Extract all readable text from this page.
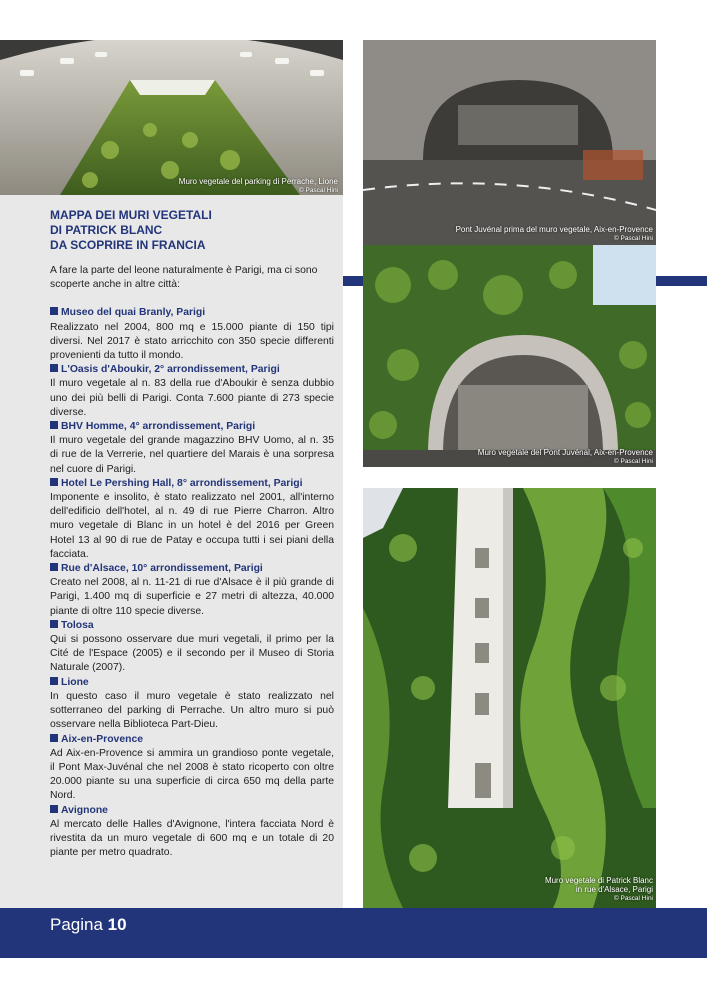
Muro vegetale del parking di Perrache, Lione
© Pascal Hini
Pont Juvénal prima del muro vegetale, Aix-en-Provence
© Pascal Hini
Muro vegetale del Pont Juvénal, Aix-en-Provence
© Pascal Hini
Muro vegetale di Patrick Blanc
in rue d'Alsace, Parigi
© Pascal Hini
MAPPA DEI MURI VEGETALI
DI PATRICK BLANC
DA SCOPRIRE IN FRANCIA

A fare la parte del leone naturalmente è Parigi, ma ci sono scoperte anche in altre città:

Museo del quai Branly, Parigi
Realizzato nel 2004, 800 mq e 15.000 piante di 150 tipi diversi. Nel 2017 è stato arricchito con 350 specie differenti provenienti da tutto il mondo.
L'Oasis d'Aboukir, 2° arrondissement, Parigi
Il muro vegetale al n. 83 della rue d'Aboukir è senza dubbio uno dei più belli di Parigi. Conta 7.600 piante di 273 specie diverse.
BHV Homme, 4° arrondissement, Parigi
Il muro vegetale del grande magazzino BHV Uomo, al n. 35 di rue de la Verrerie, nel quartiere del Marais è una sorpresa nel cuore di Parigi.
Hotel Le Pershing Hall, 8° arrondissement, Parigi
Imponente e insolito, è stato realizzato nel 2001, all'interno dell'edificio dell'hotel, al n. 49 di rue Pierre Charron. Altro muro vegetale di Blanc in un hotel è del 2016 per Green Hotel 13 al 90 di rue de Patay e occupa tutti i sei piani della facciata.
Rue d'Alsace, 10° arrondissement, Parigi
Creato nel 2008, al n. 11-21 di rue d'Alsace è il più grande di Parigi, 1.400 mq di superficie e 27 metri di altezza, 40.000 piante di oltre 110 specie diverse.
Tolosa
Qui si possono osservare due muri vegetali, il primo per la Cité de l'Espace (2005) e il secondo per il Museo di Storia Naturale (2007).
Lione
In questo caso il muro vegetale è stato realizzato nel sotterraneo del parking di Perrache. Un altro muro si può osservare nella Biblioteca Part-Dieu.
Aix-en-Provence
Ad Aix-en-Provence si ammira un grandioso ponte vegetale, il Pont Max-Juvénal che nel 2008 è stato ricoperto con oltre 20.000 piante su una superficie di circa 650 mq della parte Nord.
Avignone
Al mercato delle Halles d'Avignone, l'intera facciata Nord è rivestita da un muro vegetale di 600 mq e un totale di 20 piante per metro quadrato.
Pagina 10
